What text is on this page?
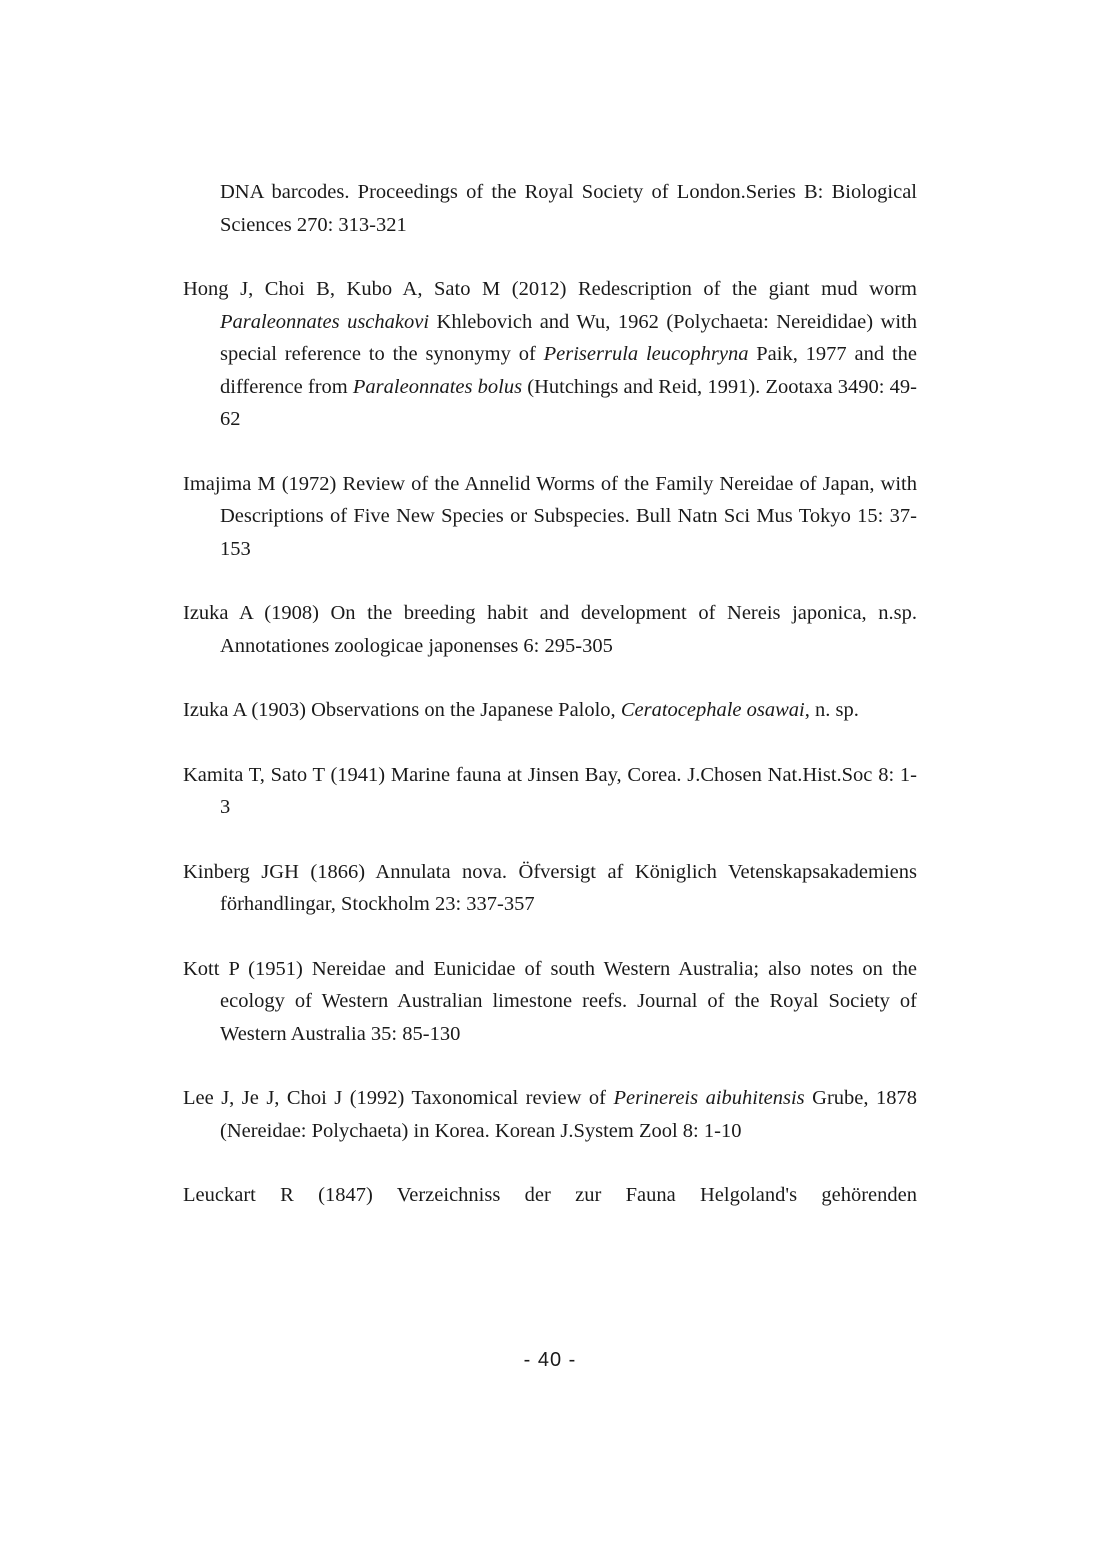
DNA barcodes. Proceedings of the Royal Society of London.Series B: Biological Sciences 270: 313-321

Hong J, Choi B, Kubo A, Sato M (2012) Redescription of the giant mud worm Paraleonnates uschakovi Khlebovich and Wu, 1962 (Polychaeta: Nereididae) with special reference to the synonymy of Periserrula leucophryna Paik, 1977 and the difference from Paraleonnates bolus (Hutchings and Reid, 1991). Zootaxa 3490: 49-62

Imajima M (1972) Review of the Annelid Worms of the Family Nereidae of Japan, with Descriptions of Five New Species or Subspecies. Bull Natn Sci Mus Tokyo 15: 37-153

Izuka A (1908) On the breeding habit and development of Nereis japonica, n.sp. Annotationes zoologicae japonenses 6: 295-305

Izuka A (1903) Observations on the Japanese Palolo, Ceratocephale osawai, n. sp.

Kamita T, Sato T (1941) Marine fauna at Jinsen Bay, Corea. J.Chosen Nat.Hist.Soc 8: 1-3

Kinberg JGH (1866) Annulata nova. Öfversigt af Königlich Vetenskapsakademiens förhandlingar, Stockholm 23: 337-357

Kott P (1951) Nereidae and Eunicidae of south Western Australia; also notes on the ecology of Western Australian limestone reefs. Journal of the Royal Society of Western Australia 35: 85-130

Lee J, Je J, Choi J (1992) Taxonomical review of Perinereis aibuhitensis Grube, 1878 (Nereidae: Polychaeta) in Korea. Korean J.System Zool 8: 1-10

Leuckart R (1847) Verzeichniss der zur Fauna Helgoland's gehörenden

- 40 -
